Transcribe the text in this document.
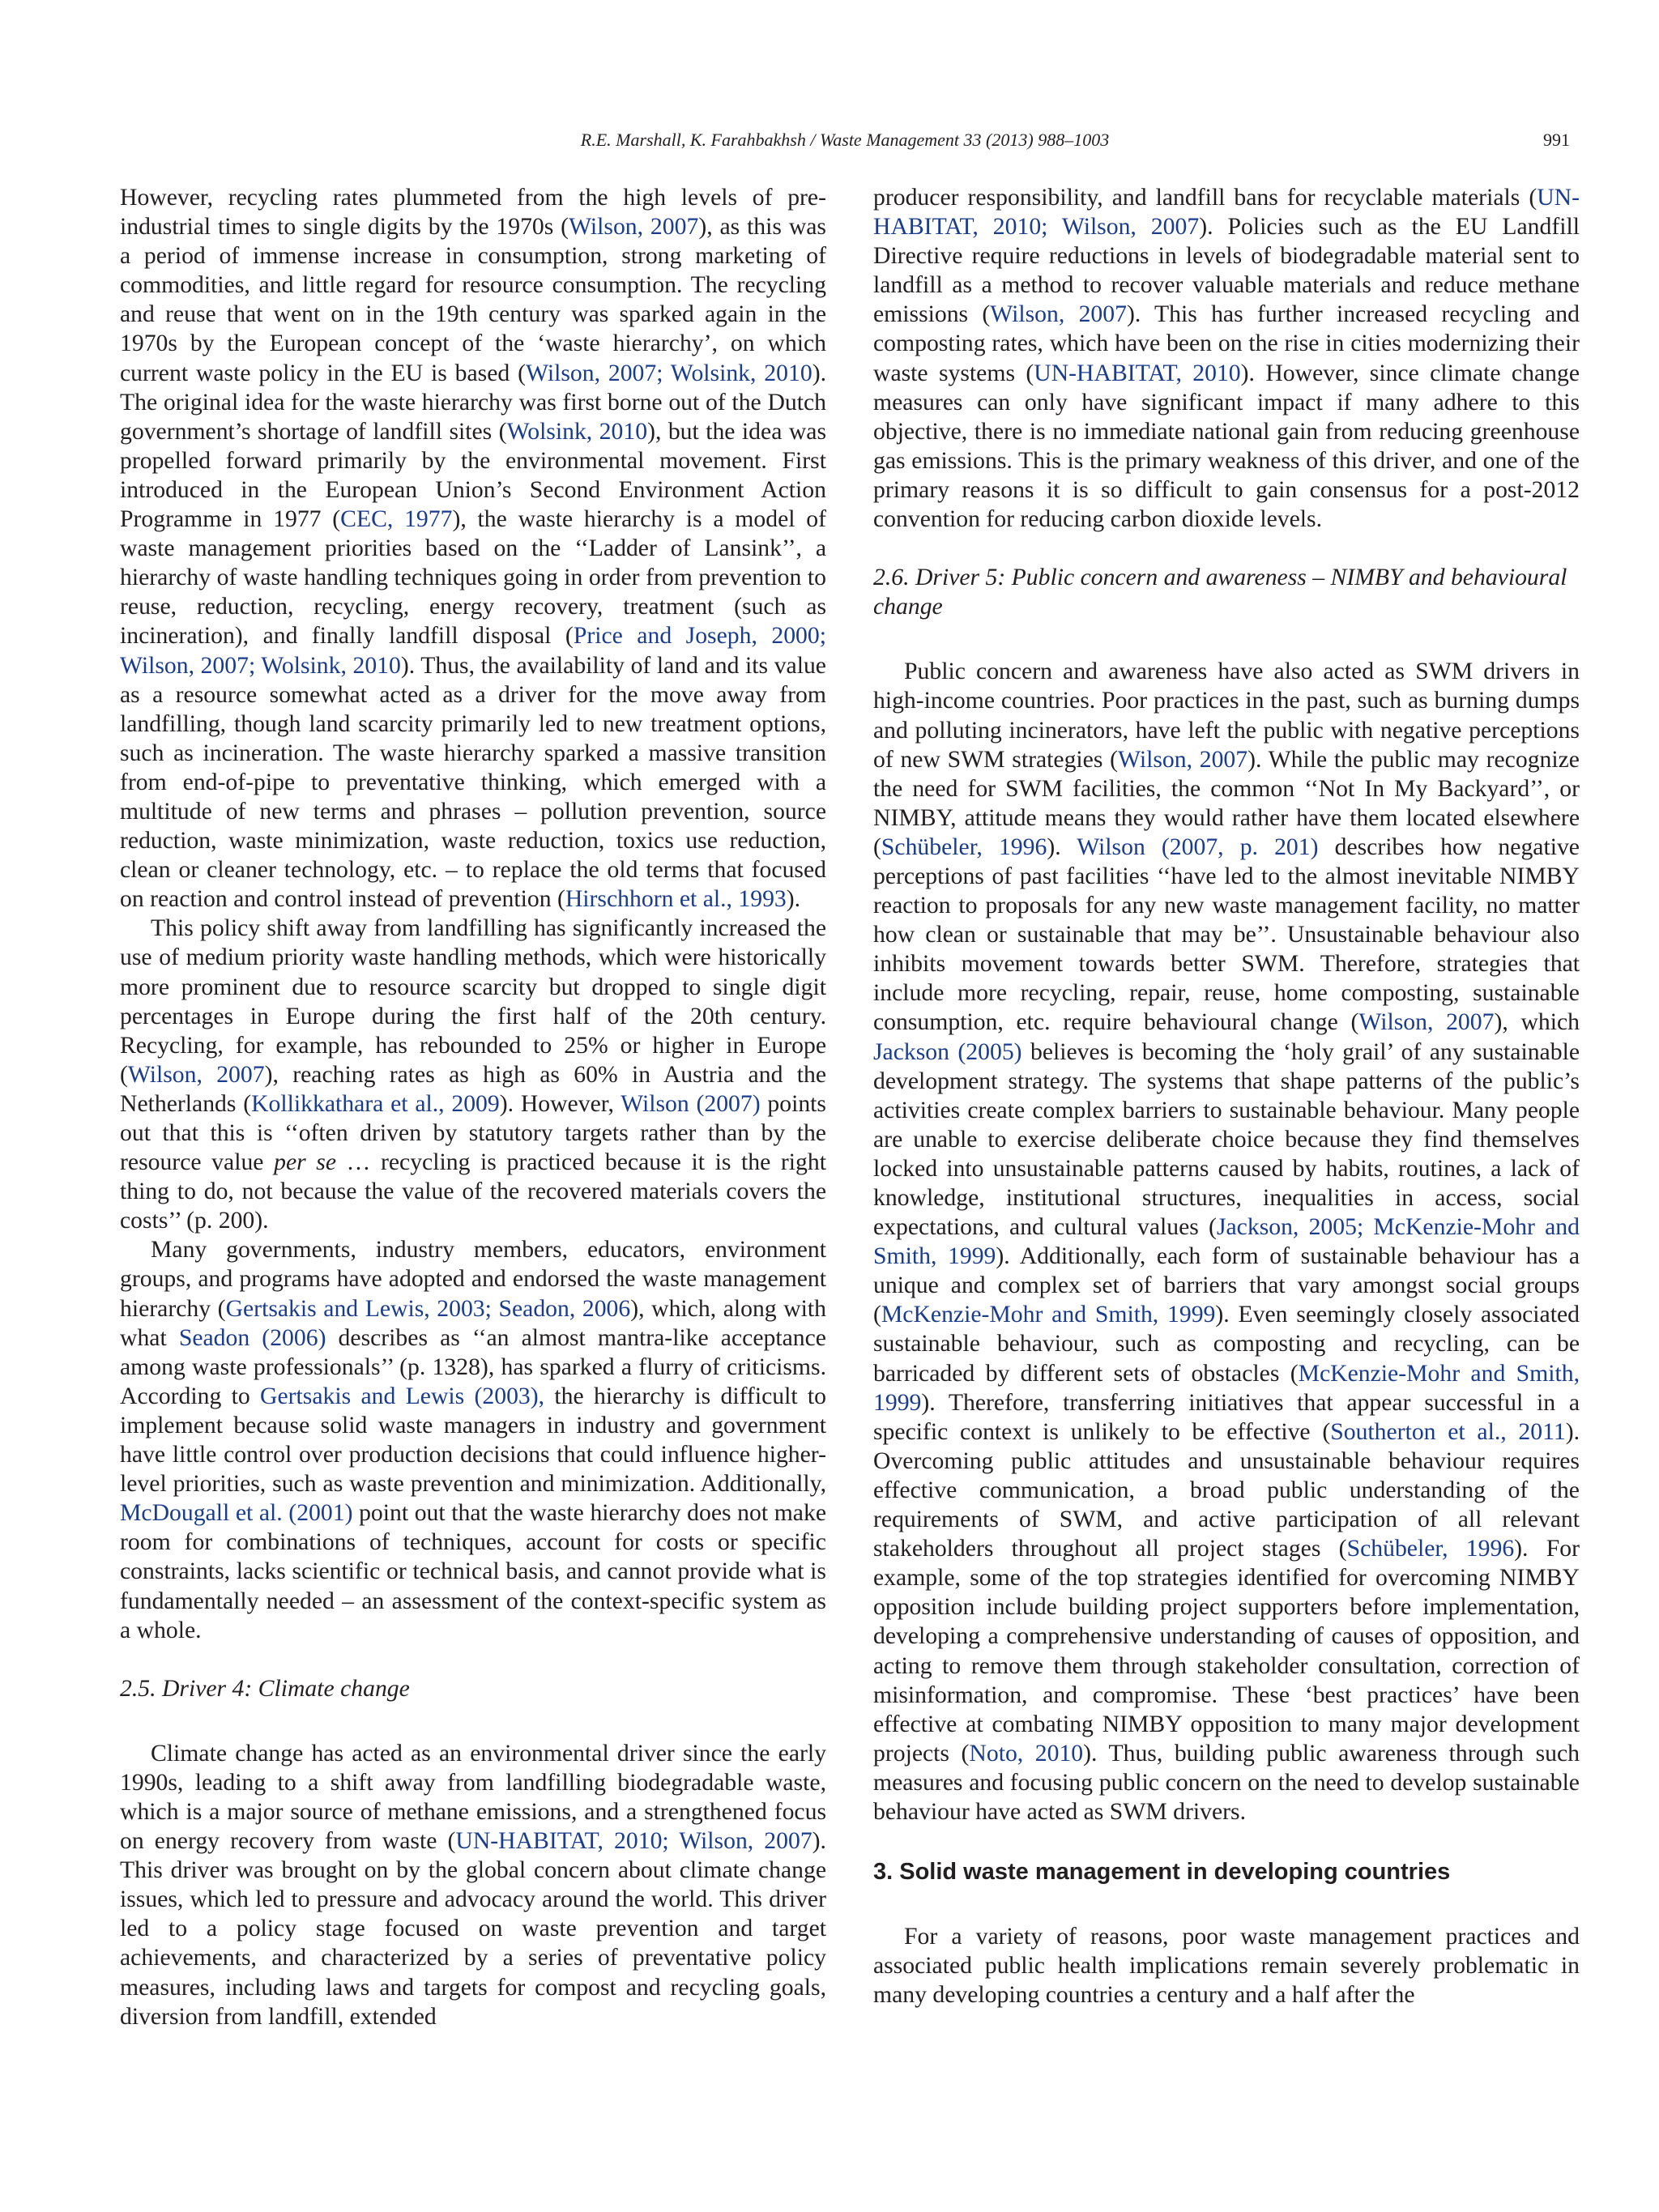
R.E. Marshall, K. Farahbakhsh / Waste Management 33 (2013) 988–1003	991

However, recycling rates plummeted from the high levels of pre-industrial times to single digits by the 1970s (Wilson, 2007), as this was a period of immense increase in consumption, strong marketing of commodities, and little regard for resource consumption. The recycling and reuse that went on in the 19th century was sparked again in the 1970s by the European concept of the ‘waste hierarchy’, on which current waste policy in the EU is based (Wilson, 2007; Wolsink, 2010). The original idea for the waste hierarchy was first borne out of the Dutch government’s shortage of landfill sites (Wolsink, 2010), but the idea was propelled forward primarily by the environmental movement. First introduced in the European Union’s Second Environment Action Programme in 1977 (CEC, 1977), the waste hierarchy is a model of waste management priorities based on the ‘‘Ladder of Lansink’’, a hierarchy of waste handling techniques going in order from prevention to reuse, reduction, recycling, energy recovery, treatment (such as incineration), and finally landfill disposal (Price and Joseph, 2000; Wilson, 2007; Wolsink, 2010). Thus, the availability of land and its value as a resource somewhat acted as a driver for the move away from landfilling, though land scarcity primarily led to new treatment options, such as incineration. The waste hierarchy sparked a massive transition from end-of-pipe to preventative thinking, which emerged with a multitude of new terms and phrases – pollution prevention, source reduction, waste minimization, waste reduction, toxics use reduction, clean or cleaner technology, etc. – to replace the old terms that focused on reaction and control instead of prevention (Hirschhorn et al., 1993).

This policy shift away from landfilling has significantly increased the use of medium priority waste handling methods, which were historically more prominent due to resource scarcity but dropped to single digit percentages in Europe during the first half of the 20th century. Recycling, for example, has rebounded to 25% or higher in Europe (Wilson, 2007), reaching rates as high as 60% in Austria and the Netherlands (Kollikkathara et al., 2009). However, Wilson (2007) points out that this is ‘‘often driven by statutory targets rather than by the resource value per se … recycling is practiced because it is the right thing to do, not because the value of the recovered materials covers the costs’’ (p. 200).

Many governments, industry members, educators, environment groups, and programs have adopted and endorsed the waste management hierarchy (Gertsakis and Lewis, 2003; Seadon, 2006), which, along with what Seadon (2006) describes as ‘‘an almost mantra-like acceptance among waste professionals’’ (p. 1328), has sparked a flurry of criticisms. According to Gertsakis and Lewis (2003), the hierarchy is difficult to implement because solid waste managers in industry and government have little control over production decisions that could influence higher-level priorities, such as waste prevention and minimization. Additionally, McDougall et al. (2001) point out that the waste hierarchy does not make room for combinations of techniques, account for costs or specific constraints, lacks scientific or technical basis, and cannot provide what is fundamentally needed – an assessment of the context-specific system as a whole.

2.5. Driver 4: Climate change

Climate change has acted as an environmental driver since the early 1990s, leading to a shift away from landfilling biodegradable waste, which is a major source of methane emissions, and a strengthened focus on energy recovery from waste (UN-HABITAT, 2010; Wilson, 2007). This driver was brought on by the global concern about climate change issues, which led to pressure and advocacy around the world. This driver led to a policy stage focused on waste prevention and target achievements, and characterized by a series of preventative policy measures, including laws and targets for compost and recycling goals, diversion from landfill, extended

producer responsibility, and landfill bans for recyclable materials (UN-HABITAT, 2010; Wilson, 2007). Policies such as the EU Landfill Directive require reductions in levels of biodegradable material sent to landfill as a method to recover valuable materials and reduce methane emissions (Wilson, 2007). This has further increased recycling and composting rates, which have been on the rise in cities modernizing their waste systems (UN-HABITAT, 2010). However, since climate change measures can only have significant impact if many adhere to this objective, there is no immediate national gain from reducing greenhouse gas emissions. This is the primary weakness of this driver, and one of the primary reasons it is so difficult to gain consensus for a post-2012 convention for reducing carbon dioxide levels.

2.6. Driver 5: Public concern and awareness – NIMBY and behavioural change

Public concern and awareness have also acted as SWM drivers in high-income countries. Poor practices in the past, such as burning dumps and polluting incinerators, have left the public with negative perceptions of new SWM strategies (Wilson, 2007). While the public may recognize the need for SWM facilities, the common ‘‘Not In My Backyard’’, or NIMBY, attitude means they would rather have them located elsewhere (Schübeler, 1996). Wilson (2007, p. 201) describes how negative perceptions of past facilities ‘‘have led to the almost inevitable NIMBY reaction to proposals for any new waste management facility, no matter how clean or sustainable that may be’’. Unsustainable behaviour also inhibits movement towards better SWM. Therefore, strategies that include more recycling, repair, reuse, home composting, sustainable consumption, etc. require behavioural change (Wilson, 2007), which Jackson (2005) believes is becoming the ‘holy grail’ of any sustainable development strategy. The systems that shape patterns of the public’s activities create complex barriers to sustainable behaviour. Many people are unable to exercise deliberate choice because they find themselves locked into unsustainable patterns caused by habits, routines, a lack of knowledge, institutional structures, inequalities in access, social expectations, and cultural values (Jackson, 2005; McKenzie-Mohr and Smith, 1999). Additionally, each form of sustainable behaviour has a unique and complex set of barriers that vary amongst social groups (McKenzie-Mohr and Smith, 1999). Even seemingly closely associated sustainable behaviour, such as composting and recycling, can be barricaded by different sets of obstacles (McKenzie-Mohr and Smith, 1999). Therefore, transferring initiatives that appear successful in a specific context is unlikely to be effective (Southerton et al., 2011). Overcoming public attitudes and unsustainable behaviour requires effective communication, a broad public understanding of the requirements of SWM, and active participation of all relevant stakeholders throughout all project stages (Schübeler, 1996). For example, some of the top strategies identified for overcoming NIMBY opposition include building project supporters before implementation, developing a comprehensive understanding of causes of opposition, and acting to remove them through stakeholder consultation, correction of misinformation, and compromise. These ‘best practices’ have been effective at combating NIMBY opposition to many major development projects (Noto, 2010). Thus, building public awareness through such measures and focusing public concern on the need to develop sustainable behaviour have acted as SWM drivers.

3. Solid waste management in developing countries

For a variety of reasons, poor waste management practices and associated public health implications remain severely problematic in many developing countries a century and a half after the
